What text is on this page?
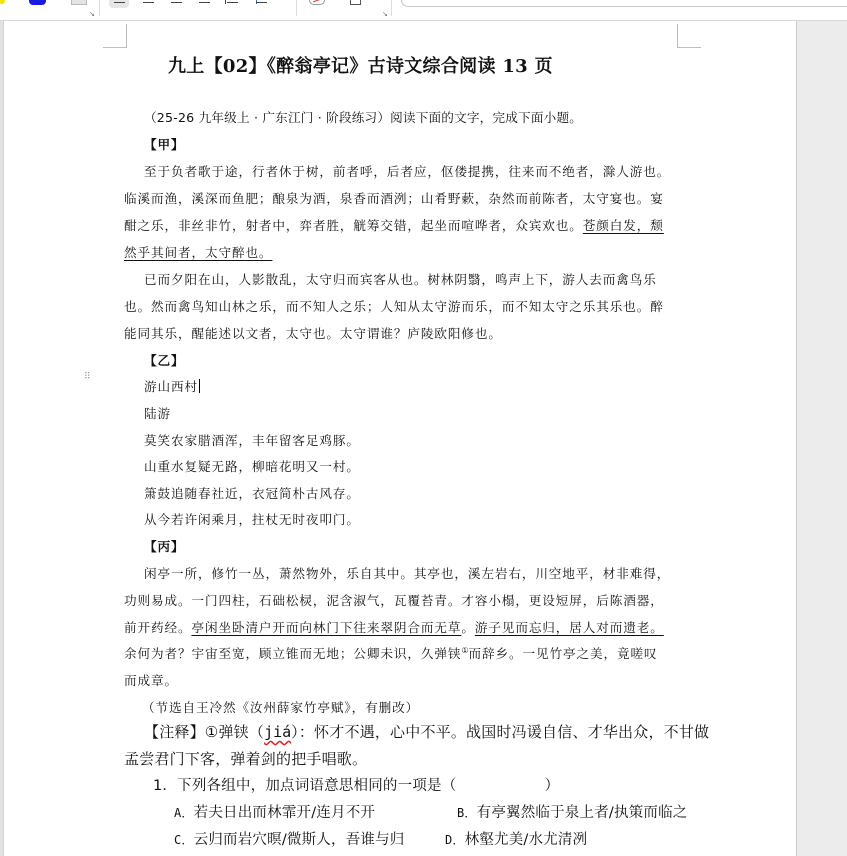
↘	↘
⠿
九上【02】《醉翁亭记》古诗文综合阅读 13 页
（25-26 九年级上 · 广东江门 · 阶段练习）阅读下面的文字，完成下面小题。
【甲】
至于负者歌于途，行者休于树，前者呼，后者应，伛偻提携，往来而不绝者，滁人游也。
临溪而渔，溪深而鱼肥；酿泉为酒，泉香而酒洌；山肴野蔌，杂然而前陈者，太守宴也。宴
酣之乐，非丝非竹，射者中，弈者胜，觥筹交错，起坐而喧哗者，众宾欢也。苍颜白发，颓
然乎其间者，太守醉也。
已而夕阳在山，人影散乱，太守归而宾客从也。树林阴翳，鸣声上下，游人去而禽鸟乐
也。然而禽鸟知山林之乐，而不知人之乐；人知从太守游而乐，而不知太守之乐其乐也。醉
能同其乐，醒能述以文者，太守也。太守谓谁？庐陵欧阳修也。
【乙】
游山西村
陆游
莫笑农家腊酒浑，丰年留客足鸡豚。
山重水复疑无路，柳暗花明又一村。
箫鼓追随春社近，衣冠简朴古风存。
从今若许闲乘月，拄杖无时夜叩门。
【丙】
闲亭一所，修竹一丛，萧然物外，乐自其中。其亭也，溪左岩右，川空地平，材非难得，
功则易成。一门四柱，石础松棂，泥含淑气，瓦覆苔青。才容小榻，更设短屏，后陈酒器，
前开药经。亭闲坐卧清户开而向林门下往来翠阴合而无草。游子见而忘归，居人对而遗老。
余何为者？宇宙至宽，顾立锥而无地；公卿未识，久弹铗①而辞乡。一见竹亭之美，竟嗟叹
而成章。
（节选自王冷然《汝州薛家竹亭赋》，有删改）
【注释】①弹铗（jiá）：怀才不遇，心中不平。战国时冯谖自信、才华出众，不甘做
孟尝君门下客，弹着剑的把手唱歌。
1．下列各组中，加点词语意思相同的一项是（　　　　　　）
A．若夫日出而林霏开/连月不开	B．有亭翼然临于泉上者/执策而临之
C．云归而岩穴暝/微斯人，吾谁与归	D．林壑尤美/水尤清冽
